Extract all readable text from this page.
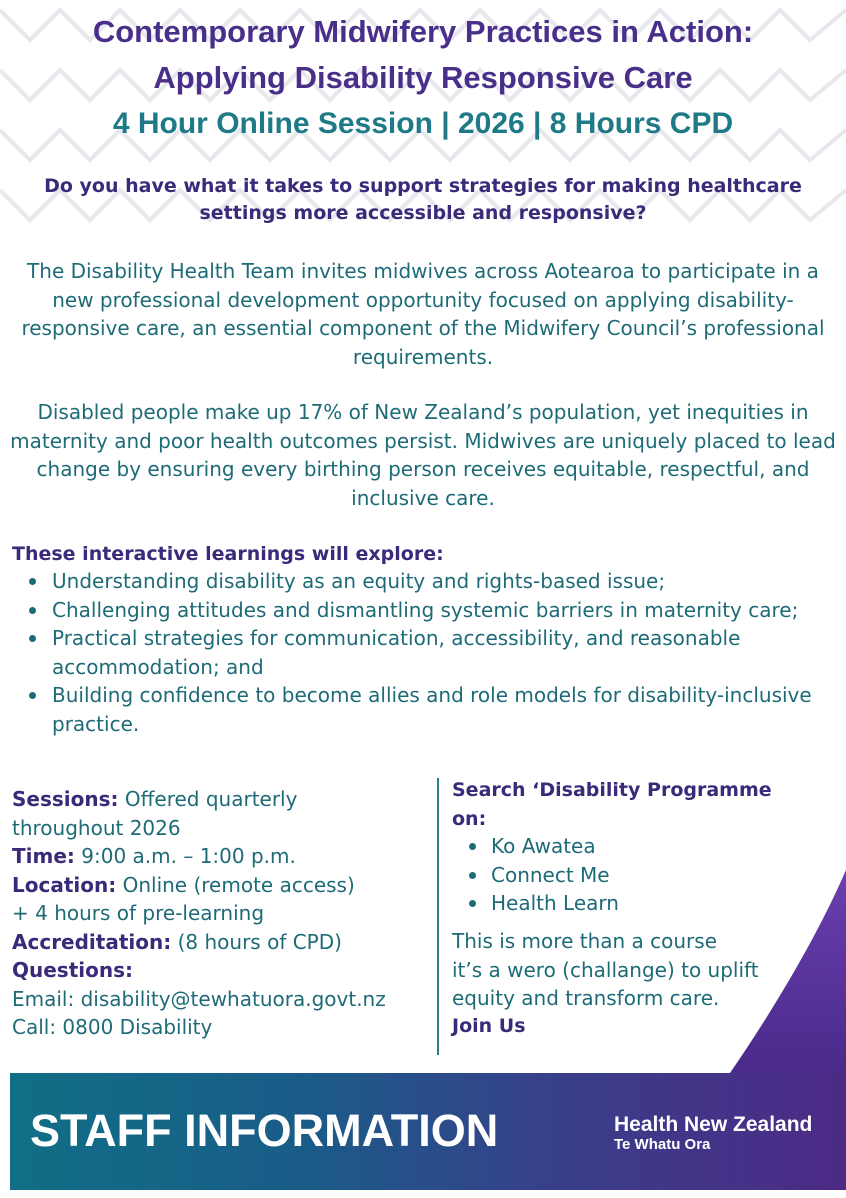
Contemporary Midwifery Practices in Action:
Applying Disability Responsive Care
4 Hour Online Session | 2026 | 8 Hours CPD
Do you have what it takes to support strategies for making healthcare settings more accessible and responsive?
The Disability Health Team invites midwives across Aotearoa to participate in a new professional development opportunity focused on applying disability-responsive care, an essential component of the Midwifery Council’s professional requirements.
Disabled people make up 17% of New Zealand’s population, yet inequities in maternity and poor health outcomes persist. Midwives are uniquely placed to lead change by ensuring every birthing person receives equitable, respectful, and inclusive care.
These interactive learnings will explore:
Understanding disability as an equity and rights-based issue;
Challenging attitudes and dismantling systemic barriers in maternity care;
Practical strategies for communication, accessibility, and reasonable accommodation; and
Building confidence to become allies and role models for disability-inclusive practice.
Sessions: Offered quarterly
throughout 2026
Time: 9:00 a.m. – 1:00 p.m.
Location: Online (remote access)
+ 4 hours of pre-learning
Accreditation: (8 hours of CPD)
Questions:
Email: disability@tewhatuora.govt.nz
Call: 0800 Disability
Search ‘Disability Programme on:
Ko Awatea
Connect Me
Health Learn
This is more than a course
it’s a wero (challange) to uplift
equity and transform care.
Join Us
STAFF INFORMATION	Health New Zealand
Te Whatu Ora
